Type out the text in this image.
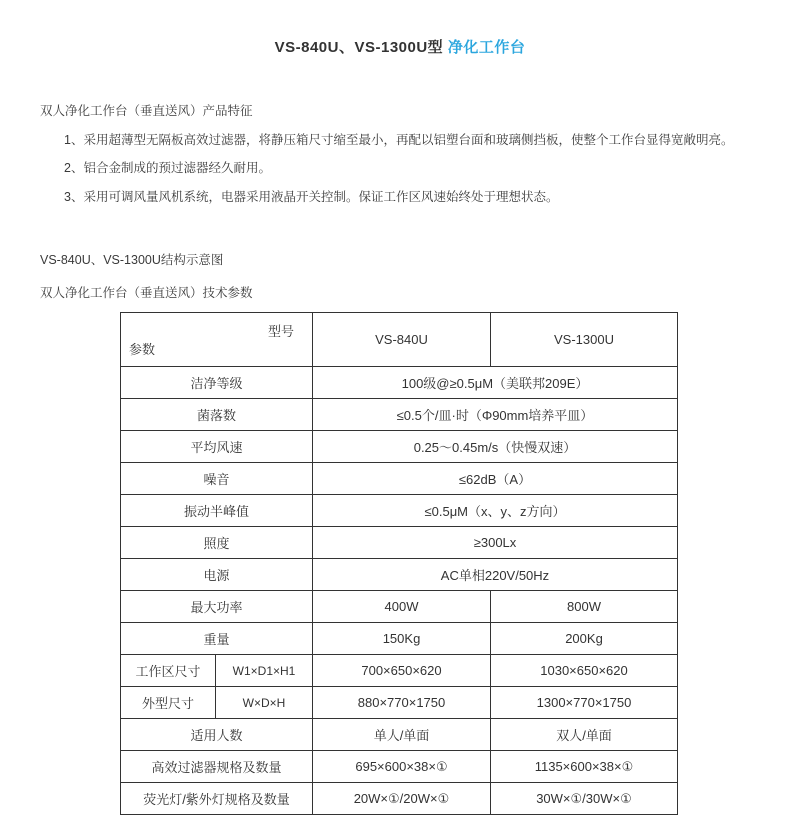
VS-840U、VS-1300U型 净化工作台
双人净化工作台（垂直送风）产品特征
1、采用超薄型无隔板高效过滤器，将静压箱尺寸缩至最小，再配以铝塑台面和玻璃侧挡板，使整个工作台显得宽敞明亮。
2、铝合金制成的预过滤器经久耐用。
3、采用可调风量风机系统，电器采用液晶开关控制。保证工作区风速始终处于理想状态。
VS-840U、VS-1300U结构示意图
双人净化工作台（垂直送风）技术参数
型号
参数		VS-840U	VS-1300U
洁净等级		100级@≥0.5μM（美联邦209E）	
菌落数		≤0.5个/皿·时（Φ90mm培养平皿）	
平均风速		0.25～0.45m/s（快慢双速）	
噪音		≤62dB（A）	
振动半峰值		≤0.5μM（x、y、z方向）	
照度		≥300Lx	
电源		AC单相220V/50Hz	
最大功率		400W	800W
重量		150Kg	200Kg
工作区尺寸	W1×D1×H1	700×650×620	1030×650×620
外型尺寸	W×D×H	880×770×1750	1300×770×1750
适用人数		单人/单面	双人/单面
高效过滤器规格及数量		695×600×38×①	1135×600×38×①
荧光灯/紫外灯规格及数量		20W×①/20W×①	30W×①/30W×①
